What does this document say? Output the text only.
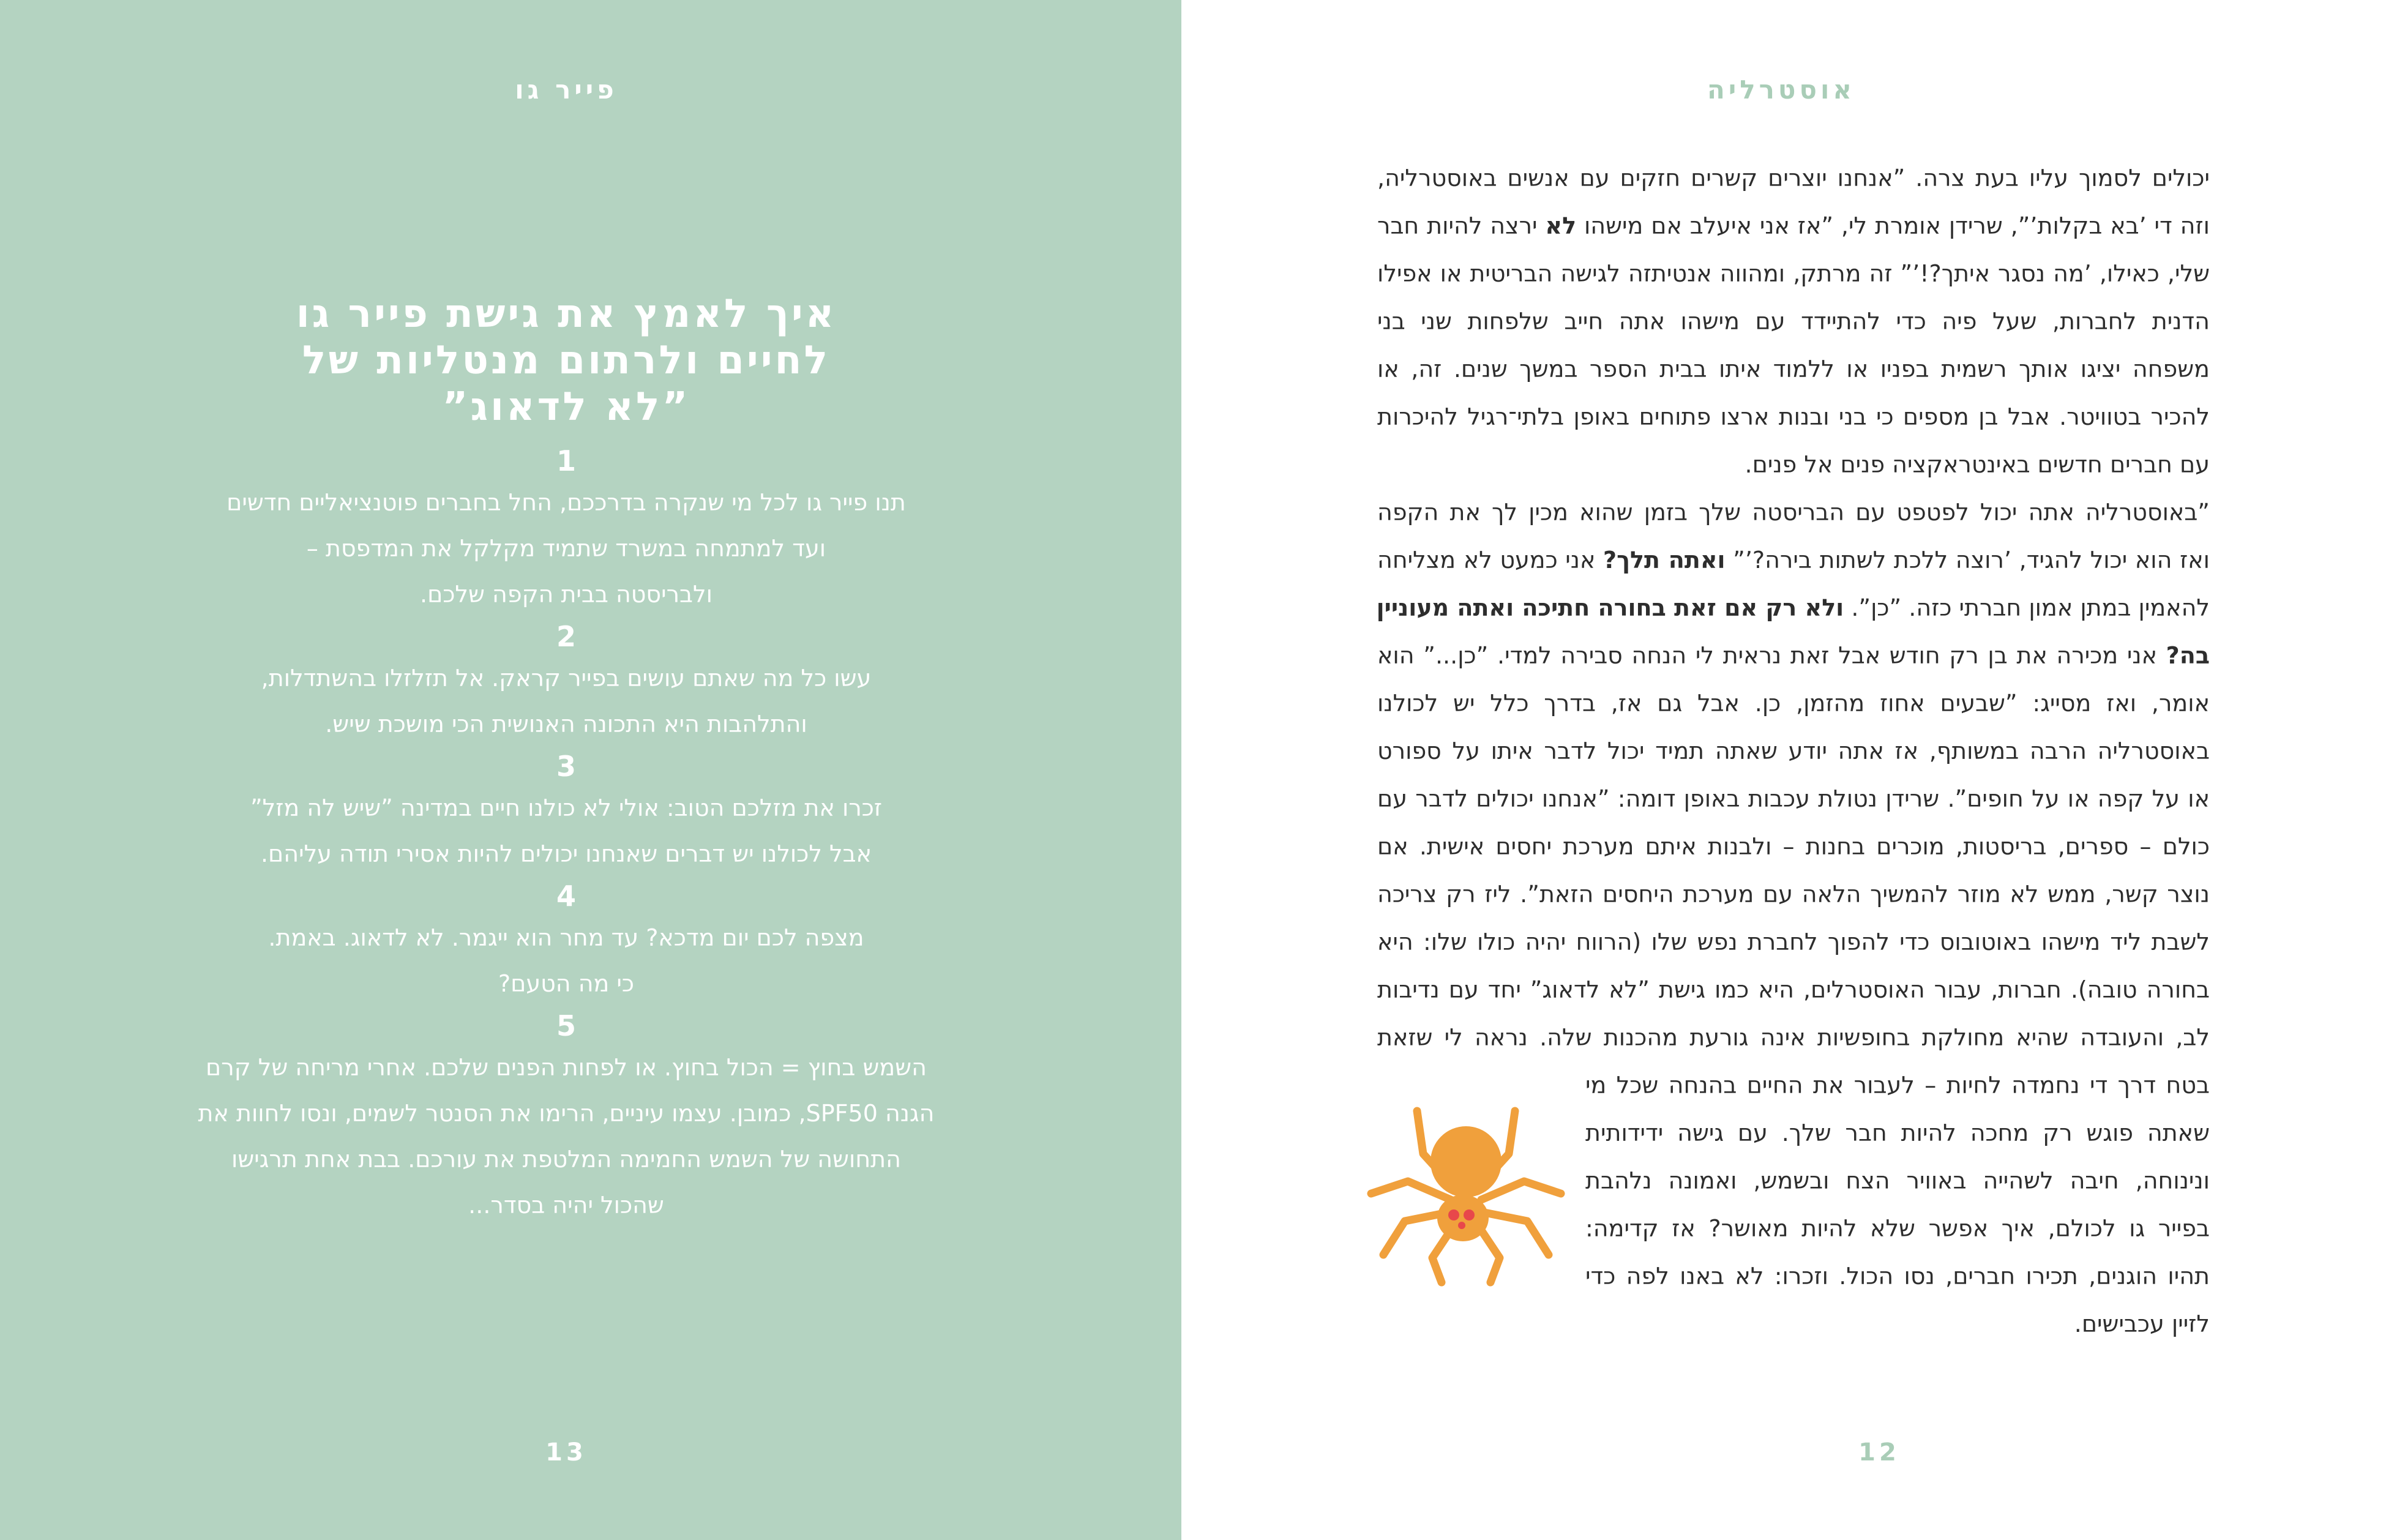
פייר גו
איך לאמץ את גישת פייר גו
לחיים ולרתום מנטליות של
”לא לדאוג”
1
תנו פייר גו לכל מי שנקרה בדרככם, החל בחברים פוטנציאליים חדשים
ועד למתמחה במשרד שתמיד מקלקל את המדפסת –
ולבריסטה בבית הקפה שלכם.
2
עשו כל מה שאתם עושים בפייר קראק. אל תזלזלו בהשתדלות,
והתלהבות היא התכונה האנושית הכי מושכת שיש.
3
זכרו את מזלכם הטוב: אולי לא כולנו חיים במדינה ”שיש לה מזל”
אבל לכולנו יש דברים שאנחנו יכולים להיות אסירי תודה עליהם.
4
מצפה לכם יום מדכא? עד מחר הוא ייגמר. לא לדאוג. באמת.
כי מה הטעם?
5
השמש בחוץ = הכול בחוץ. או לפחות הפנים שלכם. אחרי מריחה של קרם
הגנה SPF50, כמובן. עצמו עיניים, הרימו את הסנטר לשמים, ונסו לחוות את
התחושה של השמש החמימה המלטפת את עורכם. בבת אחת תרגישו
שהכול יהיה בסדר...
13
אוסטרליה
יכולים לסמוך עליו בעת צרה. ”אנחנו יוצרים קשרים חזקים עם אנשים באוסטרליה,
וזה די ’בא בקלות’”, שרידן אומרת לי, ”אז אני איעלב אם מישהו לא ירצה להיות חבר
שלי, כאילו, ’מה נסגר איתך?!’” זה מרתק, ומהווה אנטיתזה לגישה הבריטית או אפילו
הדנית לחברות, שעל פיה כדי להתיידד עם מישהו אתה חייב שלפחות שני בני
משפחה יציגו אותך רשמית בפניו או ללמוד איתו בבית הספר במשך שנים. זה, או
להכיר בטוויטר. אבל בן מספים כי בני ובנות ארצו פתוחים באופן בלתי־רגיל להיכרות
עם חברים חדשים באינטראקציה פנים אל פנים.
”באוסטרליה אתה יכול לפטפט עם הבריסטה שלך בזמן שהוא מכין לך את הקפה
ואז הוא יכול להגיד, ’רוצה ללכת לשתות בירה?’” ואתה תלך? אני כמעט לא מצליחה
להאמין במתן אמון חברתי כזה. ”כן”. ולא רק אם זאת בחורה חתיכה ואתה מעוניין
בה? אני מכירה את בן רק חודש אבל זאת נראית לי הנחה סבירה למדי. ”כן...” הוא
אומר, ואז מסייג: ”שבעים אחוז מהזמן, כן. אבל גם אז, בדרך כלל יש לכולנו
באוסטרליה הרבה במשותף, אז אתה יודע שאתה תמיד יכול לדבר איתו על ספורט
או על קפה או על חופים”. שרידן נטולת עכבות באופן דומה: ”אנחנו יכולים לדבר עם
כולם – ספרים, בריסטות, מוכרים בחנות – ולבנות איתם מערכת יחסים אישית. אם
נוצר קשר, ממש לא מוזר להמשיך הלאה עם מערכת היחסים הזאת”. ליז רק צריכה
לשבת ליד מישהו באוטובוס כדי להפוך לחברת נפש שלו (הרווח יהיה כולו שלו: היא
בחורה טובה). חברות, עבור האוסטרלים, היא כמו גישת ”לא לדאוג” יחד עם נדיבות
לב, והעובדה שהיא מחולקת בחופשיות אינה גורעת מהכנות שלה. נראה לי שזאת
בטח דרך די נחמדה לחיות – לעבור את החיים בהנחה שכל מי
שאתה פוגש רק מחכה להיות חבר שלך. עם גישה ידידותית
ונינוחה, חיבה לשהייה באוויר הצח ובשמש, ואמונה נלהבת
בפייר גו לכולם, איך אפשר שלא להיות מאושר? אז קדימה:
תהיו הוגנים, תכירו חברים, נסו הכול. וזכרו: לא באנו לפה כדי
לזיין עכבישים.
12
